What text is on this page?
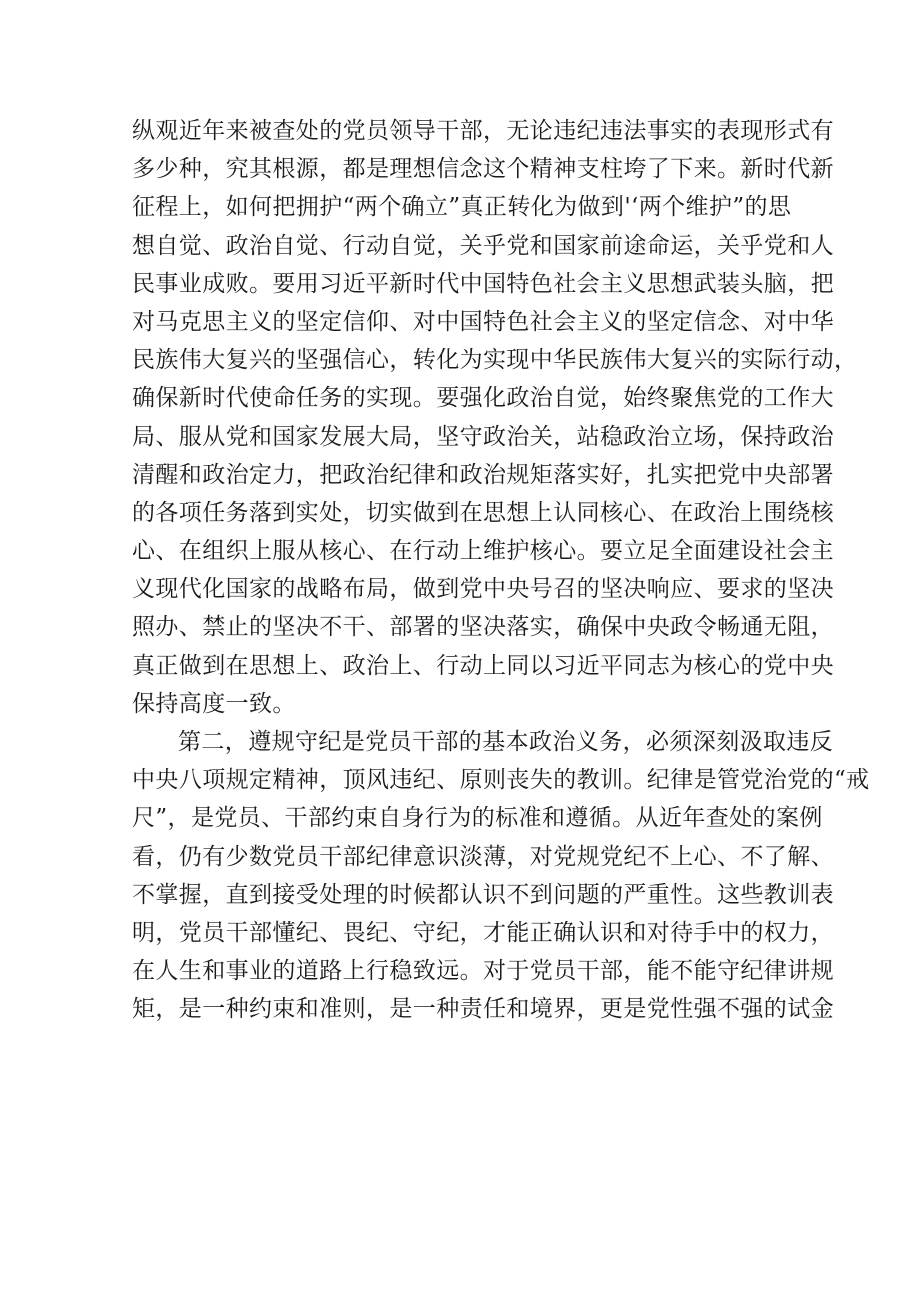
纵观近年来被查处的党员领导干部，无论违纪违法事实的表现形式有
多少种，究其根源，都是理想信念这个精神支柱垮了下来。新时代新
征程上，如何把拥护“两个确立”真正转化为做到'‘两个维护”的思
想自觉、政治自觉、行动自觉，关乎党和国家前途命运，关乎党和人
民事业成败。要用习近平新时代中国特色社会主义思想武装头脑，把
对马克思主义的坚定信仰、对中国特色社会主义的坚定信念、对中华
民族伟大复兴的坚强信心，转化为实现中华民族伟大复兴的实际行动，
确保新时代使命任务的实现。要强化政治自觉，始终聚焦党的工作大
局、服从党和国家发展大局，坚守政治关，站稳政治立场，保持政治
清醒和政治定力，把政治纪律和政治规矩落实好，扎实把党中央部署
的各项任务落到实处，切实做到在思想上认同核心、在政治上围绕核
心、在组织上服从核心、在行动上维护核心。要立足全面建设社会主
义现代化国家的战略布局，做到党中央号召的坚决响应、要求的坚决
照办、禁止的坚决不干、部署的坚决落实，确保中央政令畅通无阻，
真正做到在思想上、政治上、行动上同以习近平同志为核心的党中央
保持高度一致。
第二，遵规守纪是党员干部的基本政治义务，必须深刻汲取违反
中央八项规定精神，顶风违纪、原则丧失的教训。纪律是管党治党的“戒
尺”，是党员、干部约束自身行为的标准和遵循。从近年查处的案例
看，仍有少数党员干部纪律意识淡薄，对党规党纪不上心、不了解、
不掌握，直到接受处理的时候都认识不到问题的严重性。这些教训表
明，党员干部懂纪、畏纪、守纪，才能正确认识和对待手中的权力，
在人生和事业的道路上行稳致远。对于党员干部，能不能守纪律讲规
矩，是一种约束和准则，是一种责任和境界，更是党性强不强的试金
